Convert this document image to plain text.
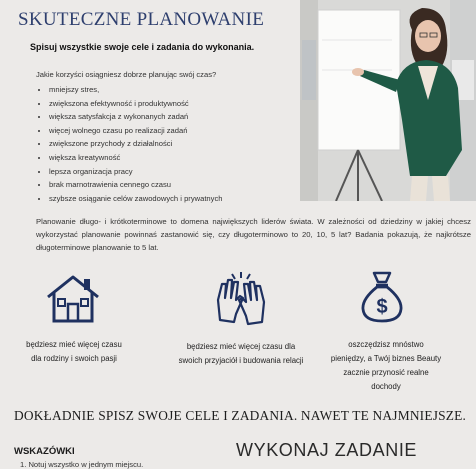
SKUTECZNE PLANOWANIE
Spisuj wszystkie swoje cele i zadania do wykonania.
Jakie korzyści osiągniesz dobrze planując swój czas?
• mniejszy stres,
• zwiększona efektywność i produktywność
• większa satysfakcja z wykonanych zadań
• więcej wolnego czasu po realizacji zadań
• zwiększone przychody z działalności
• większa kreatywność
• lepsza organizacja pracy
• brak marnotrawienia cennego czasu
• szybsze osiąganie celów zawodowych i prywatnych
Planowanie długo- i krótkoterminowe to domena największych liderów świata. W zależności od dziedziny w jakiej chcesz wykorzystać planowanie powinnaś zastanowić się, czy długoterminowo to 20, 10, 5 lat? Badania pokazują, że najkrótsze długoterminowe planowanie to 5 lat.
$
będziesz mieć więcej czasu dla rodziny i swoich pasji
będziesz mieć więcej czasu dla swoich przyjaciół i budowania relacji
oszczędzisz mnóstwo pieniędzy, a Twój biznes Beauty zacznie przynosić realne dochody
DOKŁADNIE SPISZ SWOJE CELE I ZADANIA. NAWET TE NAJMNIEJSZE.
WSKAZÓWKI	WYKONAJ ZADANIE
1. Notuj wszystko w jednym miejscu.
